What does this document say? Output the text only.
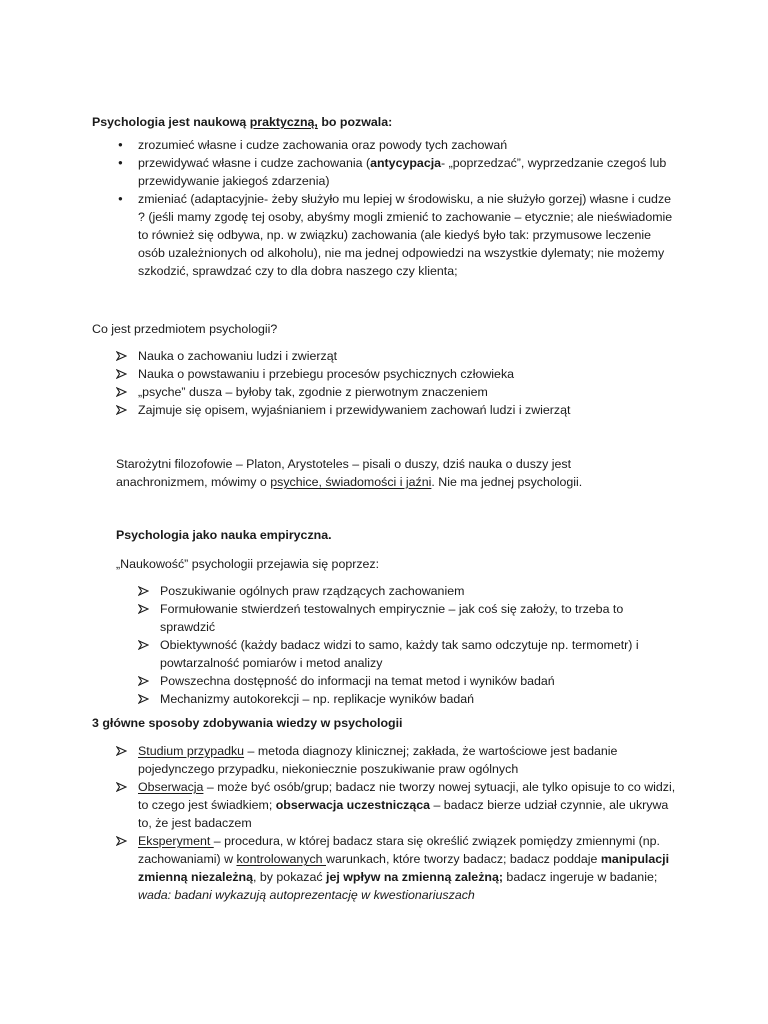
Psychologia jest naukową praktyczną, bo pozwala:
zrozumieć własne i cudze zachowania oraz powody tych zachowań
przewidywać własne i cudze zachowania (antycypacja- „poprzedzać”, wyprzedzanie czegoś lub przewidywanie jakiegoś zdarzenia)
zmieniać (adaptacyjnie- żeby służyło mu lepiej w środowisku, a nie służyło gorzej) własne i cudze ? (jeśli mamy zgodę tej osoby, abyśmy mogli zmienić to zachowanie – etycznie; ale nieświadomie to również się odbywa, np. w związku) zachowania (ale kiedyś było tak: przymusowe leczenie osób uzależnionych od alkoholu), nie ma jednej odpowiedzi na wszystkie dylematy; nie możemy szkodzić, sprawdzać czy to dla dobra naszego czy klienta;
Co jest przedmiotem psychologii?
Nauka o zachowaniu ludzi i zwierząt
Nauka o powstawaniu i przebiegu procesów psychicznych człowieka
„psyche” dusza – byłoby tak, zgodnie z pierwotnym znaczeniem
Zajmuje się opisem, wyjaśnianiem i przewidywaniem zachowań ludzi i zwierząt
Starożytni filozofowie – Platon, Arystoteles – pisali o duszy, dziś nauka o duszy jest anachronizmem, mówimy o psychice, świadomości i jaźni. Nie ma jednej psychologii.
Psychologia jako nauka empiryczna.
„Naukowość” psychologii przejawia się poprzez:
Poszukiwanie ogólnych praw rządzących zachowaniem
Formułowanie stwierdzeń testowalnych empirycznie – jak coś się założy, to trzeba to sprawdzić
Obiektywność (każdy badacz widzi to samo, każdy tak samo odczytuje np. termometr) i powtarzalność pomiarów i metod analizy
Powszechna dostępność do informacji na temat metod i wyników badań
Mechanizmy autokorekcji – np. replikacje wyników badań
3 główne sposoby zdobywania wiedzy w psychologii
Studium przypadku – metoda diagnozy klinicznej; zakłada, że wartościowe jest badanie pojedynczego przypadku, niekoniecznie poszukiwanie praw ogólnych
Obserwacja – może być osób/grup; badacz nie tworzy nowej sytuacji, ale tylko opisuje to co widzi, to czego jest świadkiem; obserwacja uczestnicząca – badacz bierze udział czynnie, ale ukrywa to, że jest badaczem
Eksperyment – procedura, w której badacz stara się określić związek pomiędzy zmiennymi (np. zachowaniami) w kontrolowanych warunkach, które tworzy badacz; badacz poddaje manipulacji zmienną niezależną, by pokazać jej wpływ na zmienną zależną; badacz ingeruje w badanie; wada: badani wykazują autoprezentację w kwestionariuszach
